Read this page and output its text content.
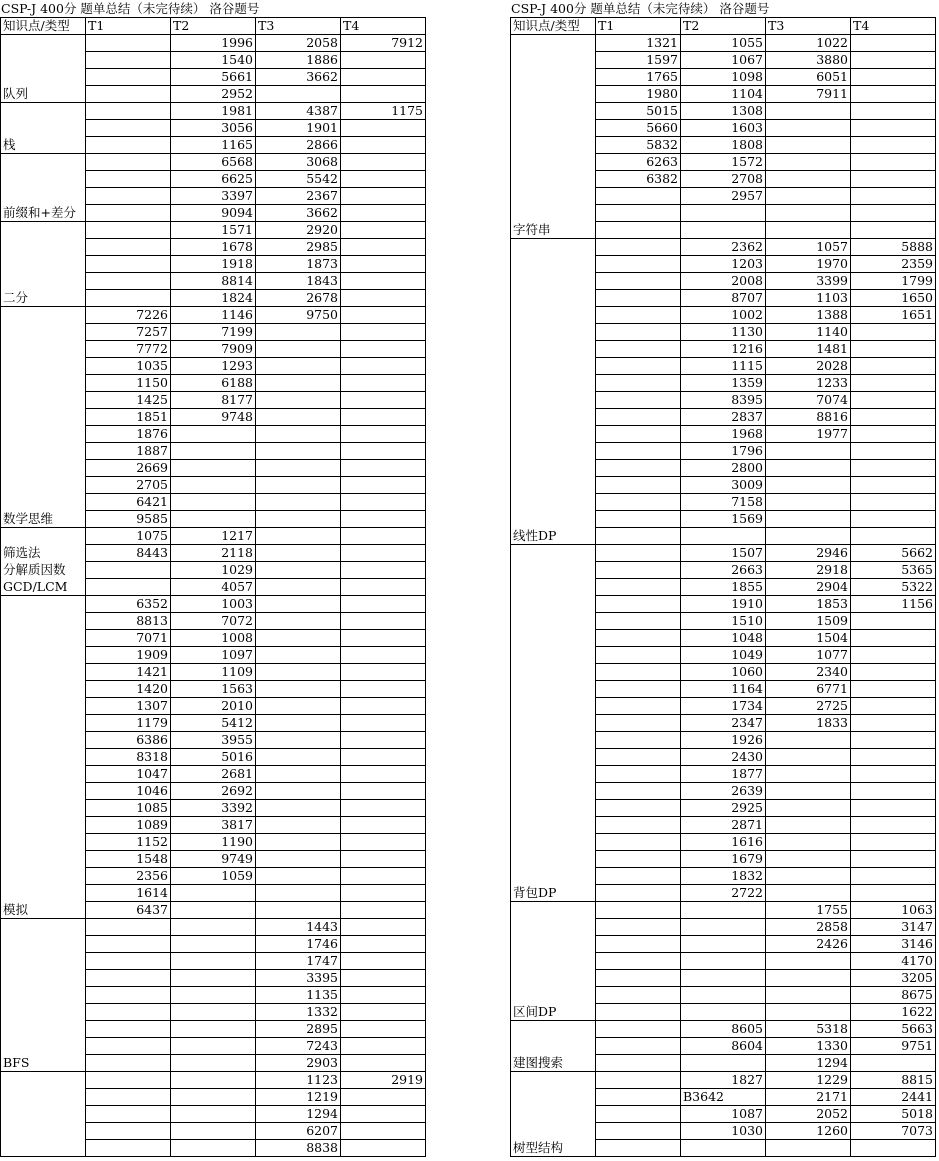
CSP-J 400分 题单总结（未完待续） 洛谷题号	CSP-J 400分 题单总结（未完待续） 洛谷题号
知识点/类型	T1	T2	T3	T4

队列		1996	2058	7912
		1540	1886	
		5661	3662	
		2952		

栈		1981	4387	1175
		3056	1901	
		1165	2866	

前缀和+差分		6568	3068	
		6625	5542	
		3397	2367	
		9094	3662	

二分		1571	2920	
		1678	2985	
		1918	1873	
		8814	1843	
		1824	2678	

数学思维	7226	1146	9750	
	7257	7199		
	7772	7909		
	1035	1293		
	1150	6188		
	1425	8177		
	1851	9748		
	1876			
	1887			
	2669			
	2705			
	6421			
	9585			

筛选法
分解质因数
GCD/LCM	1075	1217		
	8443	2118		
		1029		
		4057		

模拟	6352	1003		
	8813	7072		
	7071	1008		
	1909	1097		
	1421	1109		
	1420	1563		
	1307	2010		
	1179	5412		
	6386	3955		
	8318	5016		
	1047	2681		
	1046	2692		
	1085	3392		
	1089	3817		
	1152	1190		
	1548	9749		
	2356	1059		
	1614			
	6437			

BFS			1443	
			1746	
			1747	
			3395	
			1135	
			1332	
			2895	
			7243	
			2903	

			1123	2919
			1219	
			1294	
			6207	
			8838	
知识点/类型	T1	T2	T3	T4

字符串	1321	1055	1022	
	1597	1067	3880	
	1765	1098	6051	
	1980	1104	7911	
	5015	1308		
	5660	1603		
	5832	1808		
	6263	1572		
	6382	2708		
		2957		

线性DP		2362	1057	5888
		1203	1970	2359
		2008	3399	1799
		8707	1103	1650
		1002	1388	1651
		1130	1140	
		1216	1481	
		1115	2028	
		1359	1233	
		8395	7074	
		2837	8816	
		1968	1977	
		1796		
		2800		
		3009		
		7158		
		1569		

背包DP		1507	2946	5662
		2663	2918	5365
		1855	2904	5322
		1910	1853	1156
		1510	1509	
		1048	1504	
		1049	1077	
		1060	2340	
		1164	6771	
		1734	2725	
		2347	1833	
		1926		
		2430		
		1877		
		2639		
		2925		
		2871		
		1616		
		1679		
		1832		
		2722		

区间DP			1755	1063
			2858	3147
			2426	3146
				4170
				3205
				8675
				1622

建图搜索		8605	5318	5663
		8604	1330	9751
			1294	

树型结构		1827	1229	8815
		B3642	2171	2441
		1087	2052	5018
		1030	1260	7073
